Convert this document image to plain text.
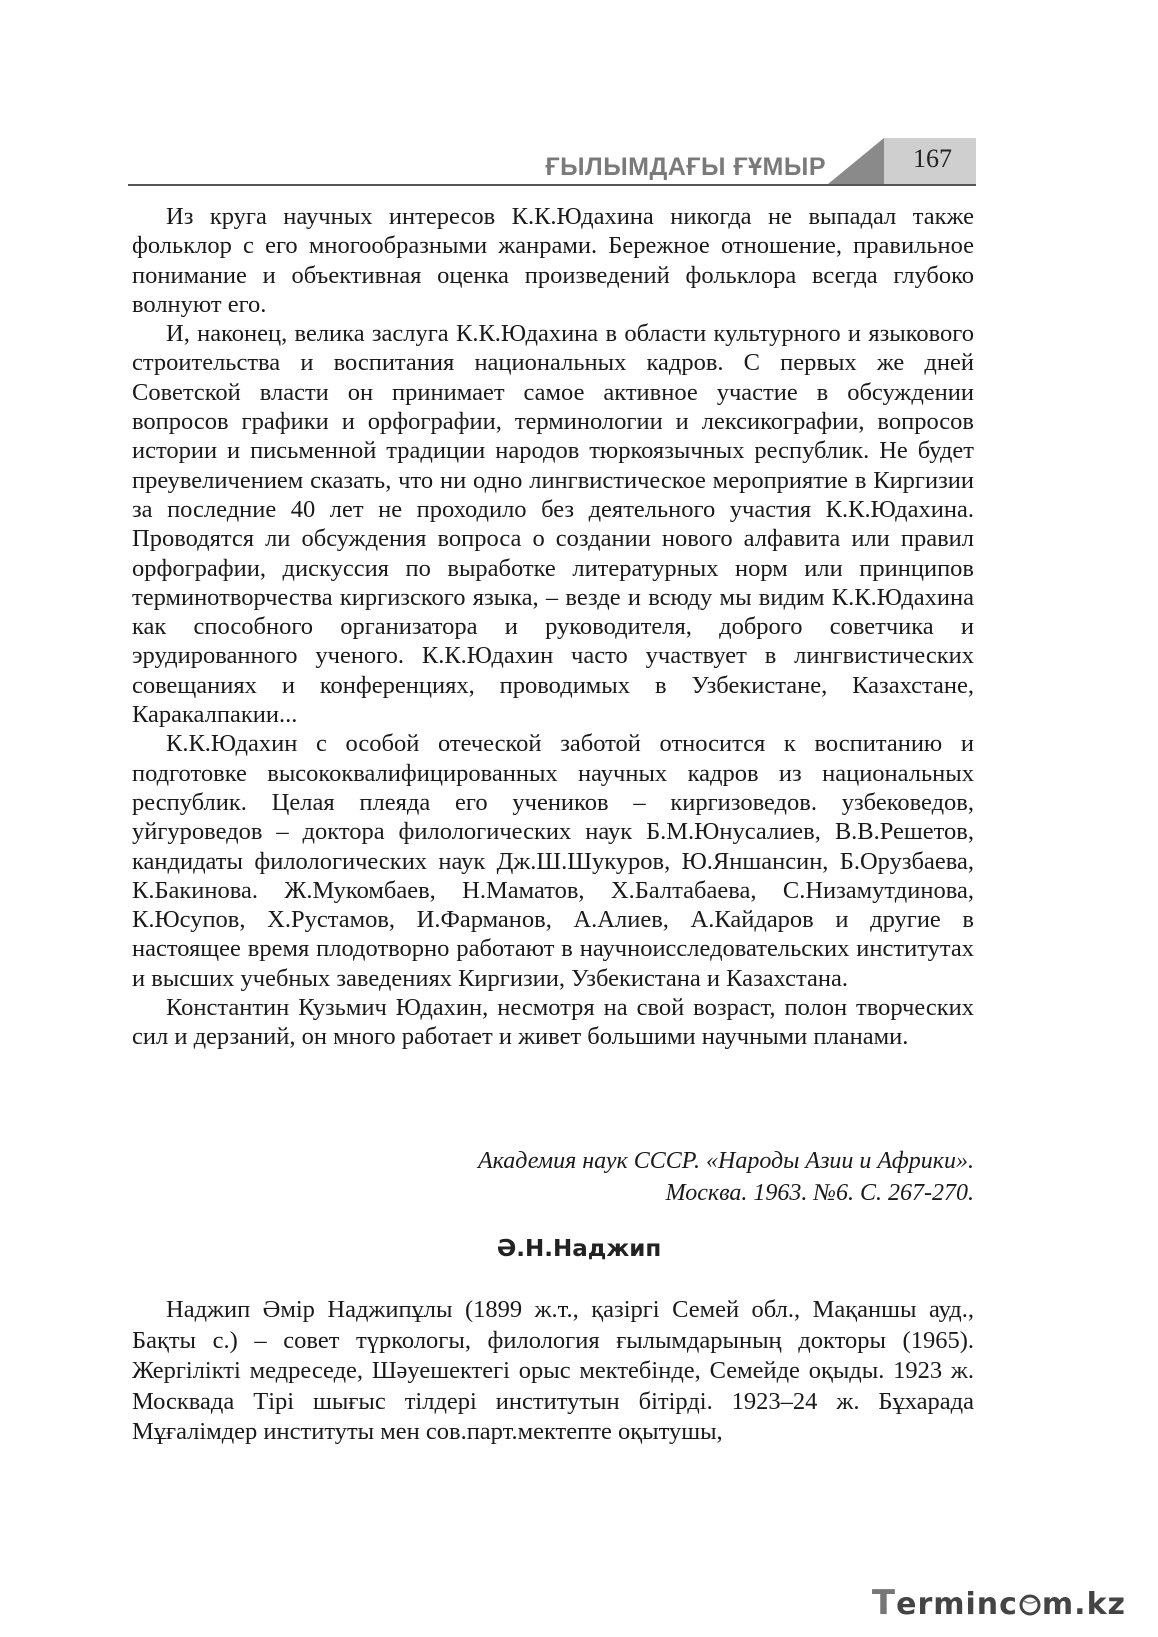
ҒЫЛЫМДАҒЫ ҒҰМЫР	167

Из круга научных интересов К.К.Юдахина никогда не выпадал также фольклор с его многообразными жанрами. Бережное отношение, правильное понимание и объективная оценка произведений фольклора всегда глубоко волнуют его.

И, наконец, велика заслуга К.К.Юдахина в области культурного и языкового строительства и воспитания национальных кадров. С первых же дней Советской власти он принимает самое активное участие в обсуждении вопросов графики и орфографии, терминологии и лексикографии, вопросов истории и письменной традиции народов тюркоязычных республик. Не будет преувеличением сказать, что ни одно лингвистическое мероприятие в Киргизии за последние 40 лет не проходило без деятельного участия К.К.Юдахина. Проводятся ли обсуждения вопроса о создании нового алфавита или правил орфографии, дискуссия по выработке литературных норм или принципов терминотворчества киргизского языка, – везде и всюду мы видим К.К.Юдахина как способного организатора и руководителя, доброго советчика и эрудированного ученого. К.К.Юдахин часто участвует в лингвистических совещаниях и конференциях, проводимых в Узбекистане, Казахстане, Каракалпакии...

К.К.Юдахин с особой отеческой заботой относится к воспитанию и подготовке высококвалифицированных научных кадров из национальных республик. Целая плеяда его учеников – киргизоведов. узбековедов, уйгуроведов – доктора филологических наук Б.М.Юнусалиев, В.В.Решетов, кандидаты филологических наук Дж.Ш.Шукуров, Ю.Яншансин, Б.Орузбаева, К.Бакинова. Ж.Мукомбаев, Н.Маматов, Х.Балтабаева, С.Низамутдинова, К.Юсупов, Х.Рустамов, И.Фарманов, А.Алиев, А.Кайдаров и другие в настоящее время плодотворно работают в научноисследовательских институтах и высших учебных заведениях Киргизии, Узбекистана и Казахстана.

Константин Кузьмич Юдахин, несмотря на свой возраст, полон творческих сил и дерзаний, он много работает и живет большими научными планами.

Академия наук СССР. «Народы Азии и Африки».
Москва. 1963. №6. С. 267-270.
Ә.Н.Наджип

Наджип Әмір Наджипұлы (1899 ж.т., қазіргі Семей обл., Мақаншы ауд., Бақты с.) – совет түркологы, филология ғылымдарының докторы (1965). Жергілікті медреседе, Шәуешектегі орыс мектебінде, Семейде оқыды. 1923 ж. Москвада Тірі шығыс тілдері институтын бітірді. 1923–24 ж. Бұхарада Мұғалімдер институты мен сов.парт.мектепте оқытушы,

Terminc m.kz
